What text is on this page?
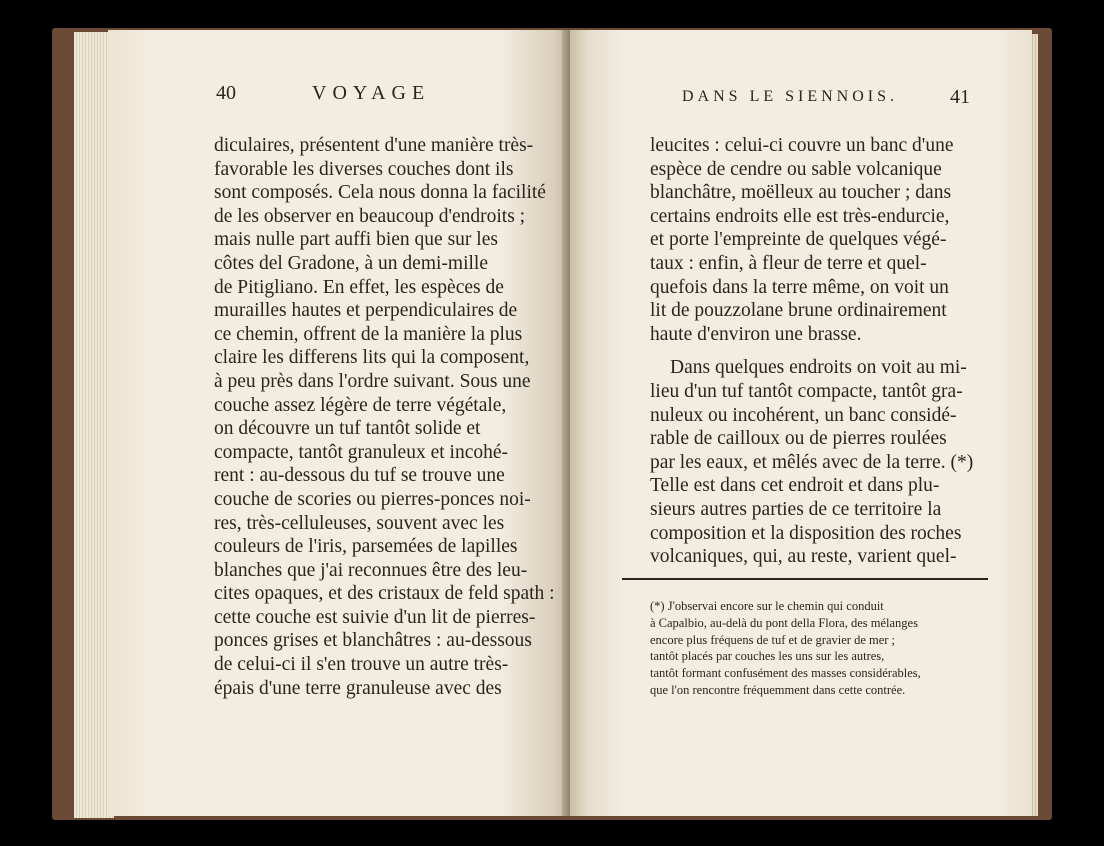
40	VOYAGE
diculaires, présentent d'une manière très-
favorable les diverses couches dont ils
sont composés. Cela nous donna la facilité
de les observer en beaucoup d'endroits ;
mais nulle part auffi bien que sur les
côtes del Gradone, à un demi-mille
de Pitigliano. En effet, les espèces de
murailles hautes et perpendiculaires de
ce chemin, offrent de la manière la plus
claire les differens lits qui la composent,
à peu près dans l'ordre suivant. Sous une
couche assez légère de terre végétale,
on découvre un tuf tantôt solide et
compacte, tantôt granuleux et incohé-
rent : au-dessous du tuf se trouve une
couche de scories ou pierres-ponces noi-
res, très-celluleuses, souvent avec les
couleurs de l'iris, parsemées de lapilles
blanches que j'ai reconnues être des leu-
cites opaques, et des cristaux de feld spath :
cette couche est suivie d'un lit de pierres-
ponces grises et blanchâtres : au-dessous
de celui-ci il s'en trouve un autre très-
épais d'une terre granuleuse avec des
DANS LE SIENNOIS.	41
leucites : celui-ci couvre un banc d'une
espèce de cendre ou sable volcanique
blanchâtre, moëlleux au toucher ; dans
certains endroits elle est très-endurcie,
et porte l'empreinte de quelques végé-
taux : enfin, à fleur de terre et quel-
quefois dans la terre même, on voit un
lit de pouzzolane brune ordinairement
haute d'environ une brasse.
Dans quelques endroits on voit au mi-
lieu d'un tuf tantôt compacte, tantôt gra-
nuleux ou incohérent, un banc considé-
rable de cailloux ou de pierres roulées
par les eaux, et mêlés avec de la terre. (*)
Telle est dans cet endroit et dans plu-
sieurs autres parties de ce territoire la
composition et la disposition des roches
volcaniques, qui, au reste, varient quel-
(*) J'observai encore sur le chemin qui conduit
à Capalbio, au-delà du pont della Flora, des mélanges
encore plus fréquens de tuf et de gravier de mer ;
tantôt placés par couches les uns sur les autres,
tantôt formant confusément des masses considérables,
que l'on rencontre fréquemment dans cette contrée.
